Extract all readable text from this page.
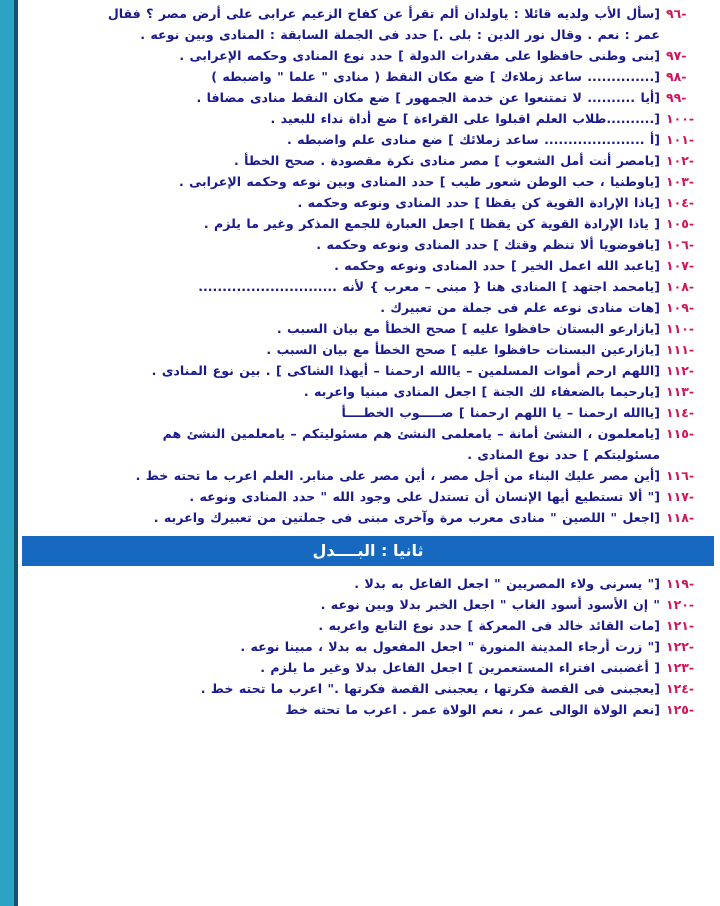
-٩٦
[سأل الأب ولديه قائلا : ياولدان ألم تقرأ عن كفاح الزعيم عرابى على أرض مصر ؟ فقال
عمر : نعم . وقال نور الدين : بلى .] حدد فى الجملة السابقة : المنادى وبين نوعه .
-٩٧
[بنى وطنى حافظوا على مقدرات الدولة ] حدد نوع المنادى وحكمه الإعرابى .
-٩٨
[.............. ساعد زملاءك ] ضع مكان النقط ( منادى " علما " واضبطه )
-٩٩
[أيا .......... لا تمتنعوا عن خدمة الجمهور ] ضع مكان النقط منادى مضافا .
-١٠٠
[..........طلاب العلم اقبلوا على القراءة ] ضع أداة نداء للبعيد .
-١٠١
[أ ..................... ساعد زملائك ] ضع منادى علم واضبطه .
-١٠٢
[يامصر أنت أمل الشعوب ] مصر منادى نكرة مقصودة . صحح الخطأ .
-١٠٣
[ياوطنيا ، حب الوطن شعور طيب ] حدد المنادى وبين نوعه وحكمه الإعرابى .
-١٠٤
[ياذا الإرادة القوية كن يقظا ] حدد المنادى ونوعه وحكمه .
-١٠٥
[ ياذا الإرادة القوية كن يقظا ] اجعل العبارة للجمع المذكر وغير ما يلزم .
-١٠٦
[يافوضويا ألا تنظم وقتك ] حدد المنادى ونوعه وحكمه .
-١٠٧
[ياعبد الله اعمل الخير ] حدد المنادى ونوعه وحكمه .
-١٠٨
[يامحمد اجتهد ] المنادى هنا { مبنى – معرب } لأنه .............................
-١٠٩
[هات منادى نوعه علم فى جملة من تعبيرك .
-١١٠
[يازارعو البستان حافظوا عليه ] صحح الخطأ مع بيان السبب .
-١١١
[يازارعين البستات حافظوا عليه ] صحح الخطأ مع بيان السبب .
-١١٢
[اللهم ارحم أموات المسلمين – ياالله ارحمنا – أيهذا الشاكى ] . بين نوع المنادى .
-١١٣
[يارحيما بالضعفاء لك الجنة ] اجعل المنادى مبنيا واعربه .
-١١٤
[ياالله ارحمنا – يا اللهم ارحمنا ] صـــــوب الخطــــأ
-١١٥
[يامعلمون ، النشئ أمانة – يامعلمى النشئ هم مسئوليتكم – يامعلمين النشئ هم
مسئوليتكم ] حدد نوع المنادى .
-١١٦
[أين مصر عليك البناء من أجل مصر ، أين مصر على منابر. العلم اعرب ما تحته خط .
-١١٧
[" ألا تستطيع أيها الإنسان أن تستدل على وجود الله " حدد المنادى ونوعه .
-١١٨
[اجعل " اللصين " منادى معرب مرة وآخرى مبنى فى جملتين من تعبيرك واعربه .
ثانيا : البــــدل
-١١٩
[" يسرنى ولاء المصريين " اجعل الفاعل به بدلا .
-١٢٠
" إن الأسود أسود الغاب " اجعل الخبر بدلا وبين نوعه .
-١٢١
[مات القائد خالد فى المعركة ] حدد نوع التابع واعربه .
-١٢٢
[" زرت أرجاء المدينة المنورة " اجعل المفعول به بدلا ، مبينا نوعه .
-١٢٣
[ أغضبنى افتراء المستعمرين ] اجعل الفاعل بدلا وغير ما يلزم .
-١٢٤
[يعجبنى فى القصة فكرتها ، يعجبنى القصة فكرتها ." اعرب ما تحته خط .
-١٢٥
[نعم الولاة الوالى عمر ، نعم الولاة عمر . اعرب ما تحته خط
